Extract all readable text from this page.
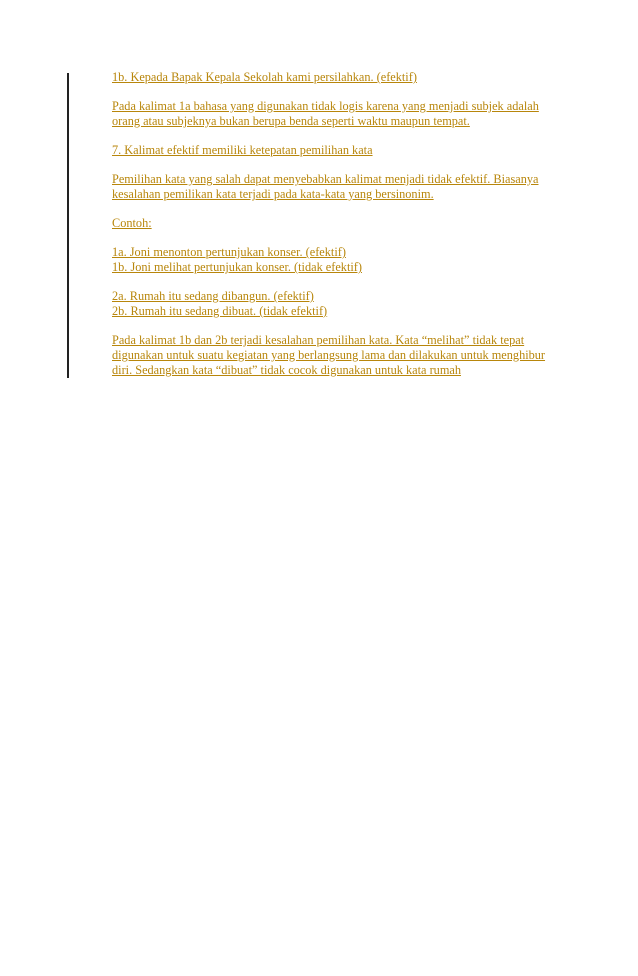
1b. Kepada Bapak Kepala Sekolah kami persilahkan. (efektif)
Pada kalimat 1a bahasa yang digunakan tidak logis karena yang menjadi subjek adalah
orang atau subjeknya bukan berupa benda seperti waktu maupun tempat.
7. Kalimat efektif memiliki ketepatan pemilihan kata
Pemilihan kata yang salah dapat menyebabkan kalimat menjadi tidak efektif. Biasanya
kesalahan pemilikan kata terjadi pada kata-kata yang bersinonim.
Contoh:
1a. Joni menonton pertunjukan konser. (efektif)
1b. Joni melihat pertunjukan konser. (tidak efektif)
2a. Rumah itu sedang dibangun. (efektif)
2b. Rumah itu sedang dibuat. (tidak efektif)
Pada kalimat 1b dan 2b terjadi kesalahan pemilihan kata. Kata “melihat” tidak tepat
digunakan untuk suatu kegiatan yang berlangsung lama dan dilakukan untuk menghibur
diri. Sedangkan kata “dibuat” tidak cocok digunakan untuk kata rumah
